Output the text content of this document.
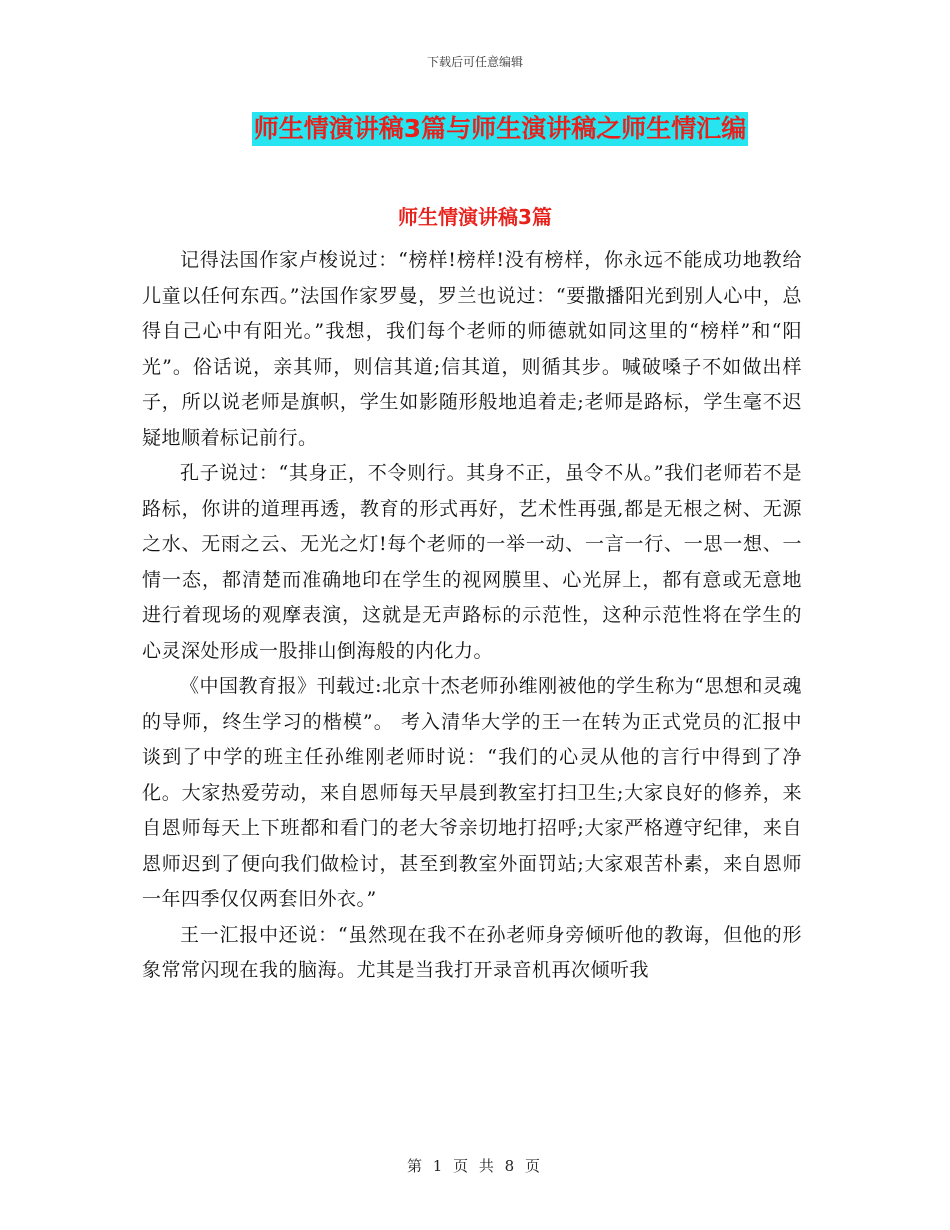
下载后可任意编辑
师生情演讲稿3篇与师生演讲稿之师生情汇编
师生情演讲稿3篇

记得法国作家卢梭说过：“榜样!榜样!没有榜样，你永远不能成功地教给儿童以任何东西。”法国作家罗曼，罗兰也说过：“要撒播阳光到别人心中，总得自己心中有阳光。”我想，我们每个老师的师德就如同这里的“榜样”和“阳光”。俗话说，亲其师，则信其道;信其道，则循其步。喊破嗓子不如做出样子，所以说老师是旗帜，学生如影随形般地追着走;老师是路标，学生毫不迟疑地顺着标记前行。

孔子说过：“其身正，不令则行。其身不正，虽令不从。”我们老师若不是路标，你讲的道理再透，教育的形式再好，艺术性再强,都是无根之树、无源之水、无雨之云、无光之灯!每个老师的一举一动、一言一行、一思一想、一情一态，都清楚而准确地印在学生的视网膜里、心光屏上，都有意或无意地进行着现场的观摩表演，这就是无声路标的示范性，这种示范性将在学生的心灵深处形成一股排山倒海般的内化力。

《中国教育报》刊载过:北京十杰老师孙维刚被他的学生称为“思想和灵魂的导师，终生学习的楷模”。 考入清华大学的王一在转为正式党员的汇报中谈到了中学的班主任孙维刚老师时说：“我们的心灵从他的言行中得到了净化。大家热爱劳动，来自恩师每天早晨到教室打扫卫生;大家良好的修养，来自恩师每天上下班都和看门的老大爷亲切地打招呼;大家严格遵守纪律，来自恩师迟到了便向我们做检讨，甚至到教室外面罚站;大家艰苦朴素，来自恩师一年四季仅仅两套旧外衣。”

王一汇报中还说：“虽然现在我不在孙老师身旁倾听他的教诲，但他的形象常常闪现在我的脑海。尤其是当我打开录音机再次倾听我

第 1 页 共 8 页
